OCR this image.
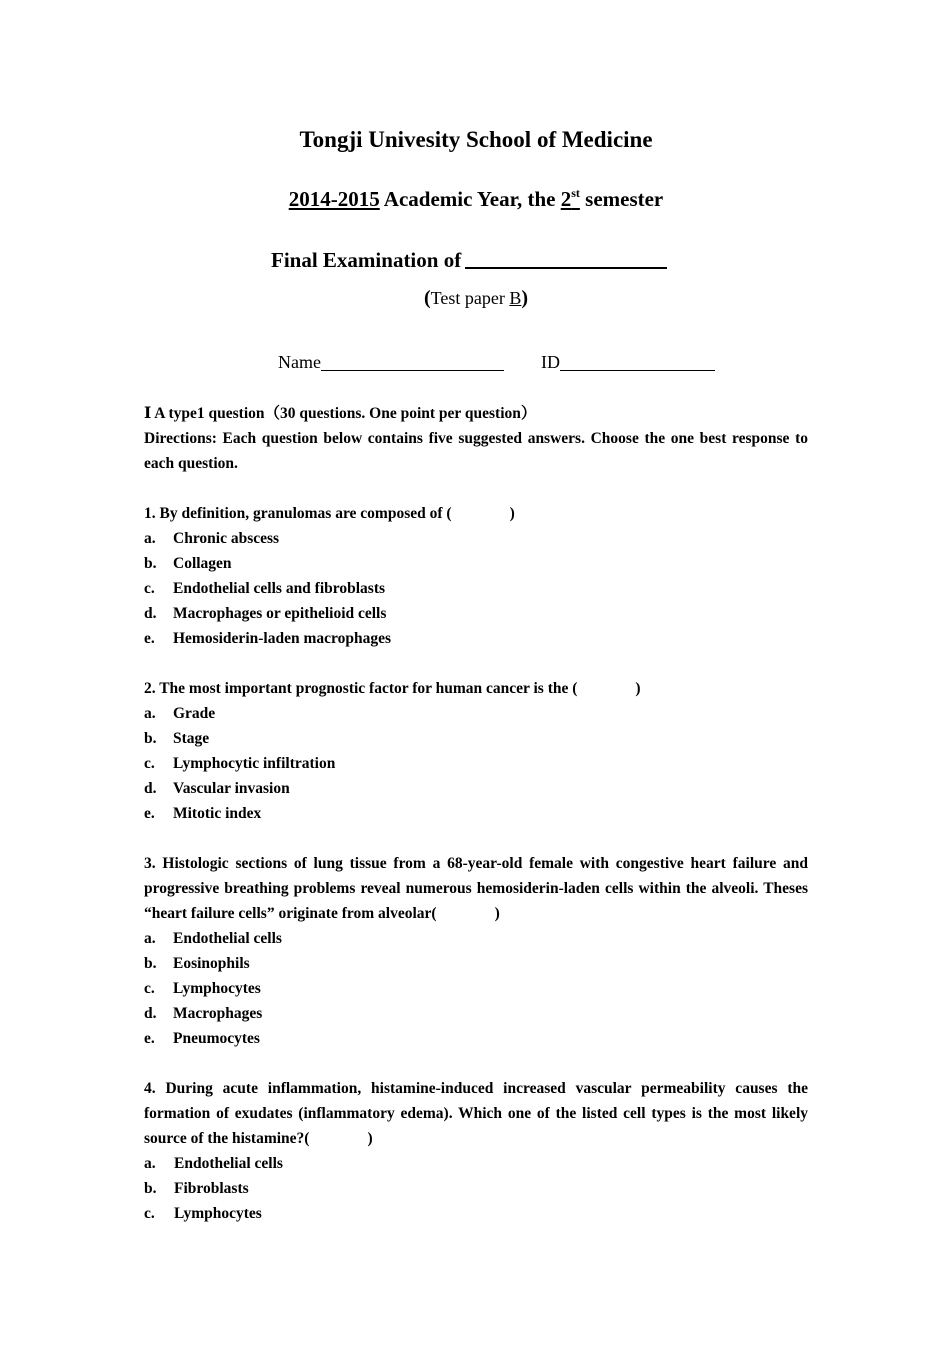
Tongji Univesity School of Medicine
2014-2015 Academic Year, the 2st semester
Final Examination of
(Test paper B)
Name	ID

Ⅰ A type1 question（30 questions. One point per question）

Directions: Each question below contains five suggested answers. Choose the one best response to each question.

1. By definition, granulomas are composed of (	)

a. Chronic abscess

b. Collagen

c. Endothelial cells and fibroblasts

d. Macrophages or epithelioid cells

e. Hemosiderin-laden macrophages

2. The most important prognostic factor for human cancer is the (	)

a. Grade

b. Stage

c. Lymphocytic infiltration

d. Vascular invasion

e. Mitotic index

3. Histologic sections of lung tissue from a 68-year-old female with congestive heart failure and progressive breathing problems reveal numerous hemosiderin-laden cells within the alveoli. Theses “heart failure cells” originate from alveolar(	)

a. Endothelial cells

b. Eosinophils

c. Lymphocytes

d. Macrophages

e. Pneumocytes

4. During acute inflammation, histamine-induced increased vascular permeability causes the formation of exudates (inflammatory edema). Which one of the listed cell types is the most likely source of the histamine?(	)

a. Endothelial cells

b. Fibroblasts

c. Lymphocytes
